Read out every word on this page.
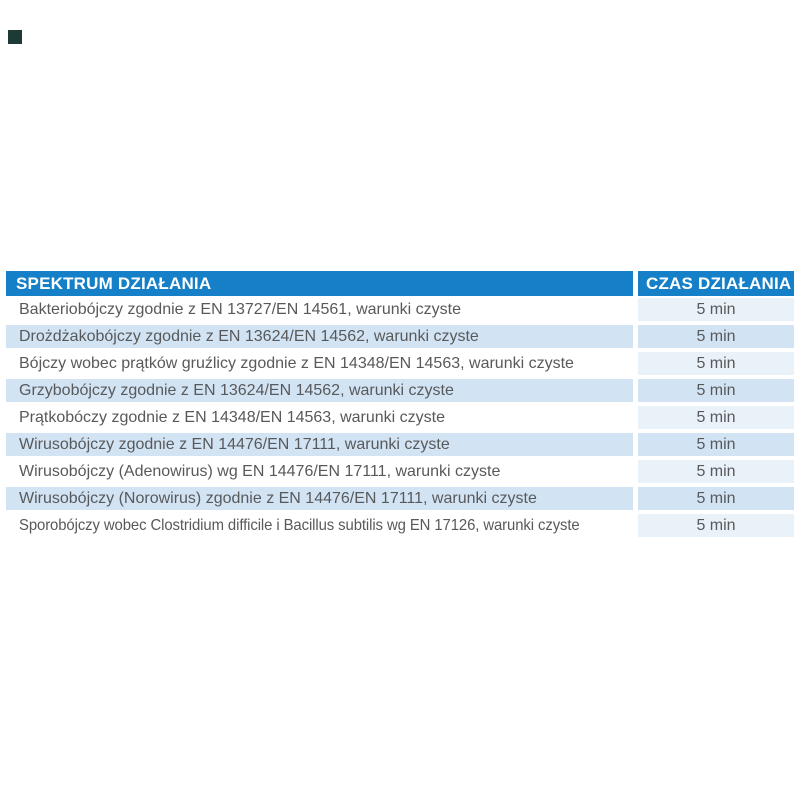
SPEKTRUM DZIAŁANIA	CZAS DZIAŁANIA
Bakteriobójczy zgodnie z EN 13727/EN 14561, warunki czyste	5 min
Drożdżakobójczy zgodnie z EN 13624/EN 14562, warunki czyste	5 min
Bójczy wobec prątków gruźlicy zgodnie z EN 14348/EN 14563, warunki czyste	5 min
Grzybobójczy zgodnie z EN 13624/EN 14562, warunki czyste	5 min
Prątkobóczy zgodnie z EN 14348/EN 14563, warunki czyste	5 min
Wirusobójczy zgodnie z EN 14476/EN 17111, warunki czyste	5 min
Wirusobójczy (Adenowirus) wg EN 14476/EN 17111, warunki czyste	5 min
Wirusobójczy (Norowirus) zgodnie z EN 14476/EN 17111, warunki czyste	5 min
Sporobójczy wobec Clostridium difficile i Bacillus subtilis wg EN 17126, warunki czyste	5 min
